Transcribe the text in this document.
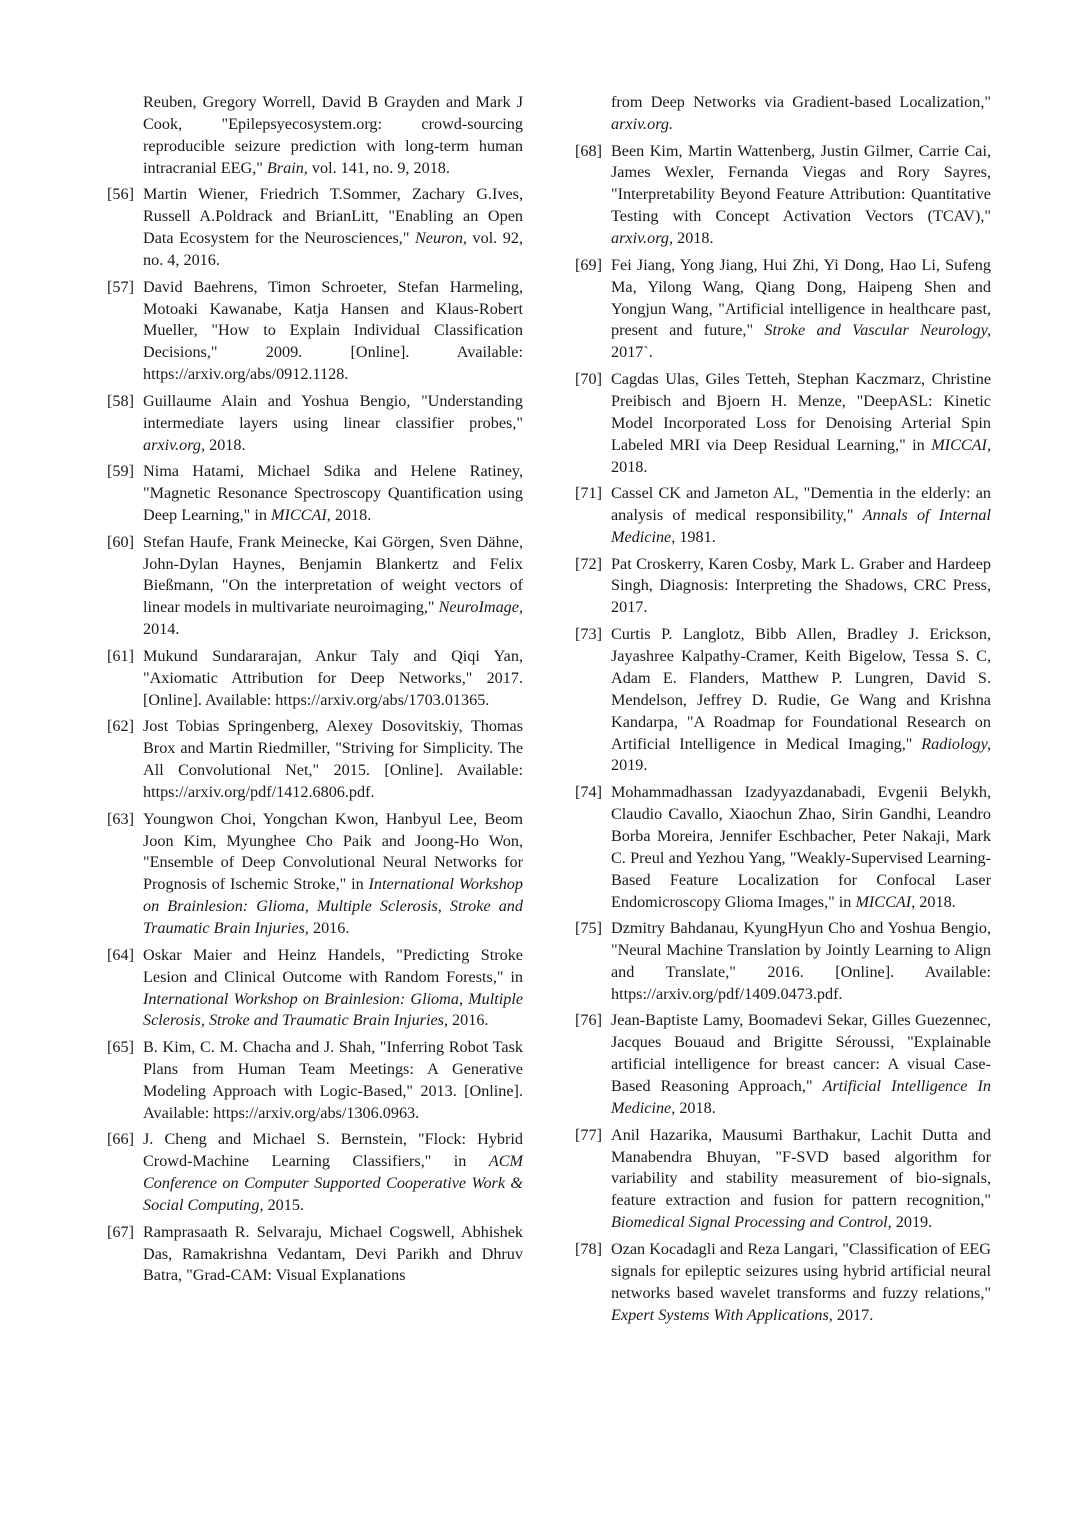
Reuben, Gregory Worrell, David B Grayden and Mark J Cook, "Epilepsyecosystem.org: crowd-sourcing reproducible seizure prediction with long-term human intracranial EEG," Brain, vol. 141, no. 9, 2018.
[56] Martin Wiener, Friedrich T.Sommer, Zachary G.Ives, Russell A.Poldrack and BrianLitt, "Enabling an Open Data Ecosystem for the Neurosciences," Neuron, vol. 92, no. 4, 2016.
[57] David Baehrens, Timon Schroeter, Stefan Harmeling, Motoaki Kawanabe, Katja Hansen and Klaus-Robert Mueller, "How to Explain Individual Classification Decisions," 2009. [Online]. Available: https://arxiv.org/abs/0912.1128.
[58] Guillaume Alain and Yoshua Bengio, "Understanding intermediate layers using linear classifier probes," arxiv.org, 2018.
[59] Nima Hatami, Michael Sdika and Helene Ratiney, "Magnetic Resonance Spectroscopy Quantification using Deep Learning," in MICCAI, 2018.
[60] Stefan Haufe, Frank Meinecke, Kai Görgen, Sven Dähne, John-Dylan Haynes, Benjamin Blankertz and Felix Bießmann, "On the interpretation of weight vectors of linear models in multivariate neuroimaging," NeuroImage, 2014.
[61] Mukund Sundararajan, Ankur Taly and Qiqi Yan, "Axiomatic Attribution for Deep Networks," 2017. [Online]. Available: https://arxiv.org/abs/1703.01365.
[62] Jost Tobias Springenberg, Alexey Dosovitskiy, Thomas Brox and Martin Riedmiller, "Striving for Simplicity. The All Convolutional Net," 2015. [Online]. Available: https://arxiv.org/pdf/1412.6806.pdf.
[63] Youngwon Choi, Yongchan Kwon, Hanbyul Lee, Beom Joon Kim, Myunghee Cho Paik and Joong-Ho Won, "Ensemble of Deep Convolutional Neural Networks for Prognosis of Ischemic Stroke," in International Workshop on Brainlesion: Glioma, Multiple Sclerosis, Stroke and Traumatic Brain Injuries, 2016.
[64] Oskar Maier and Heinz Handels, "Predicting Stroke Lesion and Clinical Outcome with Random Forests," in International Workshop on Brainlesion: Glioma, Multiple Sclerosis, Stroke and Traumatic Brain Injuries, 2016.
[65] B. Kim, C. M. Chacha and J. Shah, "Inferring Robot Task Plans from Human Team Meetings: A Generative Modeling Approach with Logic-Based," 2013. [Online]. Available: https://arxiv.org/abs/1306.0963.
[66] J. Cheng and Michael S. Bernstein, "Flock: Hybrid Crowd-Machine Learning Classifiers," in ACM Conference on Computer Supported Cooperative Work & Social Computing, 2015.
[67] Ramprasaath R. Selvaraju, Michael Cogswell, Abhishek Das, Ramakrishna Vedantam, Devi Parikh and Dhruv Batra, "Grad-CAM: Visual Explanations
from Deep Networks via Gradient-based Localization," arxiv.org.
[68] Been Kim, Martin Wattenberg, Justin Gilmer, Carrie Cai, James Wexler, Fernanda Viegas and Rory Sayres, "Interpretability Beyond Feature Attribution: Quantitative Testing with Concept Activation Vectors (TCAV)," arxiv.org, 2018.
[69] Fei Jiang, Yong Jiang, Hui Zhi, Yi Dong, Hao Li, Sufeng Ma, Yilong Wang, Qiang Dong, Haipeng Shen and Yongjun Wang, "Artificial intelligence in healthcare past, present and future," Stroke and Vascular Neurology, 2017`.
[70] Cagdas Ulas, Giles Tetteh, Stephan Kaczmarz, Christine Preibisch and Bjoern H. Menze, "DeepASL: Kinetic Model Incorporated Loss for Denoising Arterial Spin Labeled MRI via Deep Residual Learning," in MICCAI, 2018.
[71] Cassel CK and Jameton AL, "Dementia in the elderly: an analysis of medical responsibility," Annals of Internal Medicine, 1981.
[72] Pat Croskerry, Karen Cosby, Mark L. Graber and Hardeep Singh, Diagnosis: Interpreting the Shadows, CRC Press, 2017.
[73] Curtis P. Langlotz, Bibb Allen, Bradley J. Erickson, Jayashree Kalpathy-Cramer, Keith Bigelow, Tessa S. C, Adam E. Flanders, Matthew P. Lungren, David S. Mendelson, Jeffrey D. Rudie, Ge Wang and Krishna Kandarpa, "A Roadmap for Foundational Research on Artificial Intelligence in Medical Imaging," Radiology, 2019.
[74] Mohammadhassan Izadyyazdanabadi, Evgenii Belykh, Claudio Cavallo, Xiaochun Zhao, Sirin Gandhi, Leandro Borba Moreira, Jennifer Eschbacher, Peter Nakaji, Mark C. Preul and Yezhou Yang, "Weakly-Supervised Learning-Based Feature Localization for Confocal Laser Endomicroscopy Glioma Images," in MICCAI, 2018.
[75] Dzmitry Bahdanau, KyungHyun Cho and Yoshua Bengio, "Neural Machine Translation by Jointly Learning to Align and Translate," 2016. [Online]. Available: https://arxiv.org/pdf/1409.0473.pdf.
[76] Jean-Baptiste Lamy, Boomadevi Sekar, Gilles Guezennec, Jacques Bouaud and Brigitte Séroussi, "Explainable artificial intelligence for breast cancer: A visual Case-Based Reasoning Approach," Artificial Intelligence In Medicine, 2018.
[77] Anil Hazarika, Mausumi Barthakur, Lachit Dutta and Manabendra Bhuyan, "F-SVD based algorithm for variability and stability measurement of bio-signals, feature extraction and fusion for pattern recognition," Biomedical Signal Processing and Control, 2019.
[78] Ozan Kocadagli and Reza Langari, "Classification of EEG signals for epileptic seizures using hybrid artificial neural networks based wavelet transforms and fuzzy relations," Expert Systems With Applications, 2017.
